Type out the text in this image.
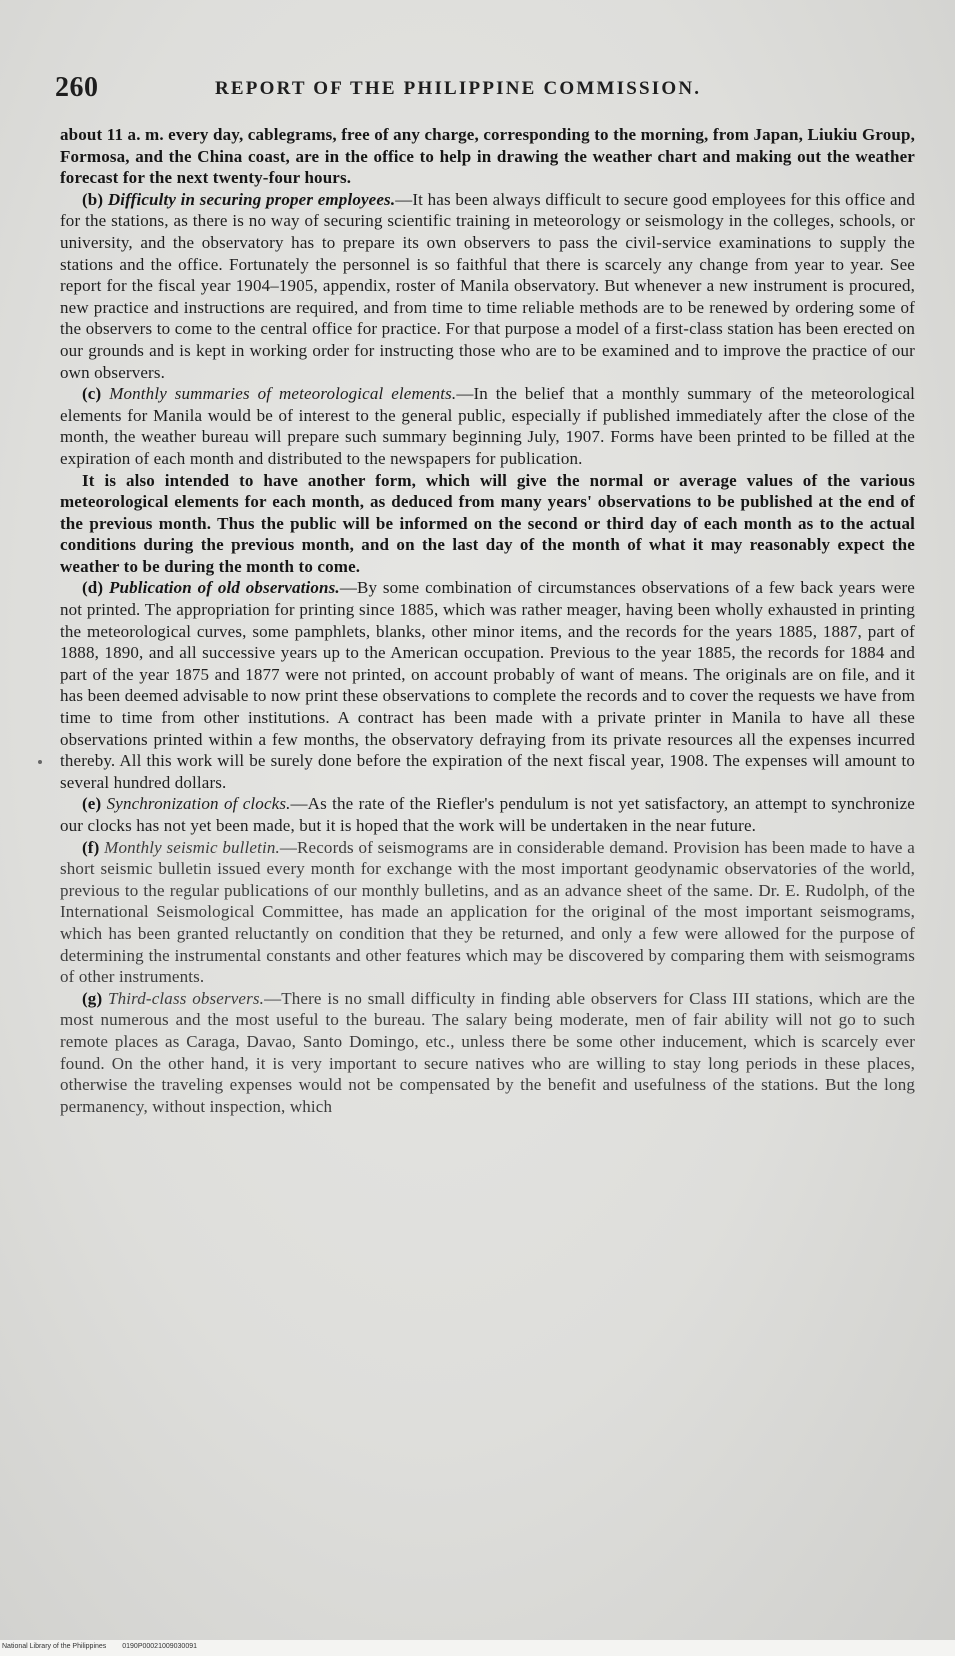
260	REPORT OF THE PHILIPPINE COMMISSION.

about 11 a. m. every day, cablegrams, free of any charge, corresponding to the morning, from Japan, Liukiu Group, Formosa, and the China coast, are in the office to help in drawing the weather chart and making out the weather forecast for the next twenty-four hours.

(b) Difficulty in securing proper employees.—It has been always difficult to secure good employees for this office and for the stations, as there is no way of securing scientific training in meteorology or seismology in the colleges, schools, or university, and the observatory has to prepare its own observers to pass the civil-service examinations to supply the stations and the office. Fortunately the personnel is so faithful that there is scarcely any change from year to year. See report for the fiscal year 1904–1905, appendix, roster of Manila observatory. But whenever a new instrument is procured, new practice and instructions are required, and from time to time reliable methods are to be renewed by ordering some of the observers to come to the central office for practice. For that purpose a model of a first-class station has been erected on our grounds and is kept in working order for instructing those who are to be examined and to improve the practice of our own observers.

(c) Monthly summaries of meteorological elements.—In the belief that a monthly summary of the meteorological elements for Manila would be of interest to the general public, especially if published immediately after the close of the month, the weather bureau will prepare such summary beginning July, 1907. Forms have been printed to be filled at the expiration of each month and distributed to the newspapers for publication.

It is also intended to have another form, which will give the normal or average values of the various meteorological elements for each month, as deduced from many years' observations to be published at the end of the previous month. Thus the public will be informed on the second or third day of each month as to the actual conditions during the previous month, and on the last day of the month of what it may reasonably expect the weather to be during the month to come.

(d) Publication of old observations.—By some combination of circumstances observations of a few back years were not printed. The appropriation for printing since 1885, which was rather meager, having been wholly exhausted in printing the meteorological curves, some pamphlets, blanks, other minor items, and the records for the years 1885, 1887, part of 1888, 1890, and all successive years up to the American occupation. Previous to the year 1885, the records for 1884 and part of the year 1875 and 1877 were not printed, on account probably of want of means. The originals are on file, and it has been deemed advisable to now print these observations to complete the records and to cover the requests we have from time to time from other institutions. A contract has been made with a private printer in Manila to have all these observations printed within a few months, the observatory defraying from its private resources all the expenses incurred thereby. All this work will be surely done before the expiration of the next fiscal year, 1908. The expenses will amount to several hundred dollars.

(e) Synchronization of clocks.—As the rate of the Riefler's pendulum is not yet satisfactory, an attempt to synchronize our clocks has not yet been made, but it is hoped that the work will be undertaken in the near future.

(f) Monthly seismic bulletin.—Records of seismograms are in considerable demand. Provision has been made to have a short seismic bulletin issued every month for exchange with the most important geodynamic observatories of the world, previous to the regular publications of our monthly bulletins, and as an advance sheet of the same. Dr. E. Rudolph, of the International Seismological Committee, has made an application for the original of the most important seismograms, which has been granted reluctantly on condition that they be returned, and only a few were allowed for the purpose of determining the instrumental constants and other features which may be discovered by comparing them with seismograms of other instruments.

(g) Third-class observers.—There is no small difficulty in finding able observers for Class III stations, which are the most numerous and the most useful to the bureau. The salary being moderate, men of fair ability will not go to such remote places as Caraga, Davao, Santo Domingo, etc., unless there be some other inducement, which is scarcely ever found. On the other hand, it is very important to secure natives who are willing to stay long periods in these places, otherwise the traveling expenses would not be compensated by the benefit and usefulness of the stations. But the long permanency, without inspection, which

National Library of the Philippines 0190P00021009030091
